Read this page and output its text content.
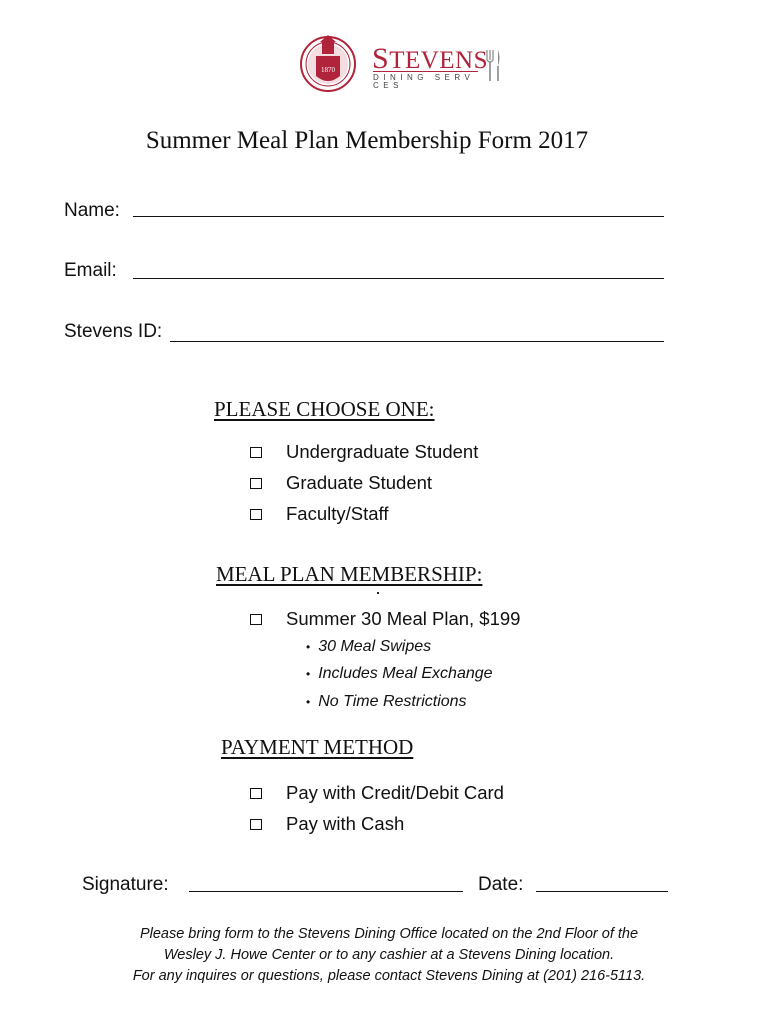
1870 STEVENS
DINING SERV CES
Summer Meal Plan Membership Form 2017
Name:
Email:
Stevens ID:
PLEASE CHOOSE ONE:
Undergraduate Student
Graduate Student
Faculty/Staff
MEAL PLAN MEMBERSHIP:
Summer 30 Meal Plan, $199
• 30 Meal Swipes
• Includes Meal Exchange
• No Time Restrictions
PAYMENT METHOD
Pay with Credit/Debit Card
Pay with Cash
Signature:	Date:
Please bring form to the Stevens Dining Office located on the 2nd Floor of the
Wesley J. Howe Center or to any cashier at a Stevens Dining location.
For any inquires or questions, please contact Stevens Dining at (201) 216-5113.
